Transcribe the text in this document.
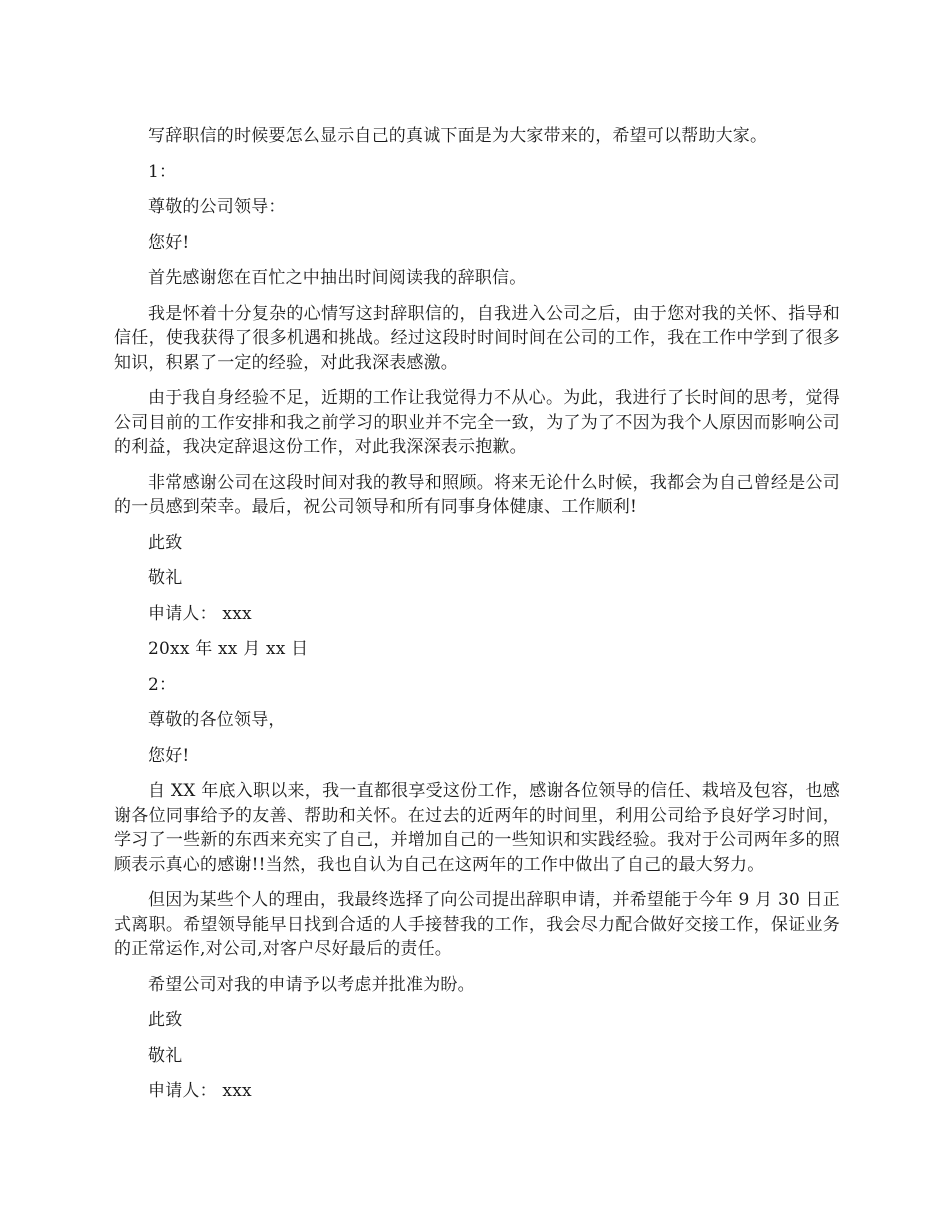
写辞职信的时候要怎么显示自己的真诚下面是为大家带来的，希望可以帮助大家。

1：

尊敬的公司领导：

您好!

首先感谢您在百忙之中抽出时间阅读我的辞职信。

我是怀着十分复杂的心情写这封辞职信的，自我进入公司之后，由于您对我的关怀、指导和信任，使我获得了很多机遇和挑战。经过这段时时间时间在公司的工作，我在工作中学到了很多知识，积累了一定的经验，对此我深表感激。

由于我自身经验不足，近期的工作让我觉得力不从心。为此，我进行了长时间的思考，觉得公司目前的工作安排和我之前学习的职业并不完全一致，为了为了不因为我个人原因而影响公司的利益，我决定辞退这份工作，对此我深深表示抱歉。

非常感谢公司在这段时间对我的教导和照顾。将来无论什么时候，我都会为自己曾经是公司的一员感到荣幸。最后，祝公司领导和所有同事身体健康、工作顺利!

此致

敬礼

申请人： xxx

20xx 年 xx 月 xx 日

2：

尊敬的各位领导，

您好!

自 XX 年底入职以来，我一直都很享受这份工作，感谢各位领导的信任、栽培及包容，也感谢各位同事给予的友善、帮助和关怀。在过去的近两年的时间里，利用公司给予良好学习时间，学习了一些新的东西来充实了自己，并增加自己的一些知识和实践经验。我对于公司两年多的照顾表示真心的感谢!!当然，我也自认为自己在这两年的工作中做出了自己的最大努力。

但因为某些个人的理由，我最终选择了向公司提出辞职申请，并希望能于今年 9 月 30 日正式离职。希望领导能早日找到合适的人手接替我的工作，我会尽力配合做好交接工作，保证业务的正常运作,对公司,对客户尽好最后的责任。

希望公司对我的申请予以考虑并批准为盼。

此致

敬礼

申请人： xxx
